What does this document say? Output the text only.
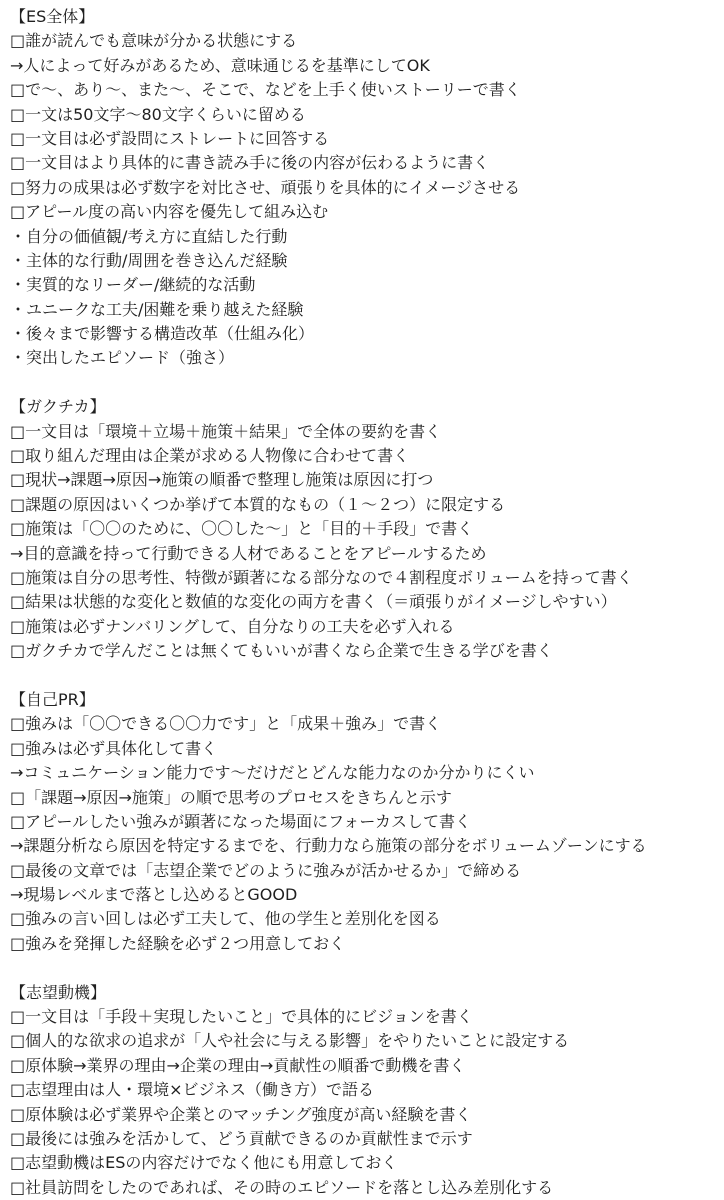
【ES全体】
□誰が読んでも意味が分かる状態にする
→人によって好みがあるため、意味通じるを基準にしてOK
□で〜、あり〜、また〜、そこで、などを上手く使いストーリーで書く
□一文は50文字〜80文字くらいに留める
□一文目は必ず設問にストレートに回答する
□一文目はより具体的に書き読み手に後の内容が伝わるように書く
□努力の成果は必ず数字を対比させ、頑張りを具体的にイメージさせる
□アピール度の高い内容を優先して組み込む
・自分の価値観/考え方に直結した行動
・主体的な行動/周囲を巻き込んだ経験
・実質的なリーダー/継続的な活動
・ユニークな工夫/困難を乗り越えた経験
・後々まで影響する構造改革（仕組み化）
・突出したエピソード（強さ）
【ガクチカ】
□一文目は「環境＋立場＋施策＋結果」で全体の要約を書く
□取り組んだ理由は企業が求める人物像に合わせて書く
□現状→課題→原因→施策の順番で整理し施策は原因に打つ
□課題の原因はいくつか挙げて本質的なもの（１〜２つ）に限定する
□施策は「〇〇のために、〇〇した〜」と「目的＋手段」で書く
→目的意識を持って行動できる人材であることをアピールするため
□施策は自分の思考性、特徴が顕著になる部分なので４割程度ボリュームを持って書く
□結果は状態的な変化と数値的な変化の両方を書く（＝頑張りがイメージしやすい）
□施策は必ずナンバリングして、自分なりの工夫を必ず入れる
□ガクチカで学んだことは無くてもいいが書くなら企業で生きる学びを書く
【自己PR】
□強みは「〇〇できる〇〇力です」と「成果＋強み」で書く
□強みは必ず具体化して書く
→コミュニケーション能力です〜だけだとどんな能力なのか分かりにくい
□「課題→原因→施策」の順で思考のプロセスをきちんと示す
□アピールしたい強みが顕著になった場面にフォーカスして書く
→課題分析なら原因を特定するまでを、行動力なら施策の部分をボリュームゾーンにする
□最後の文章では「志望企業でどのように強みが活かせるか」で締める
→現場レベルまで落とし込めるとGOOD
□強みの言い回しは必ず工夫して、他の学生と差別化を図る
□強みを発揮した経験を必ず２つ用意しておく
【志望動機】
□一文目は「手段＋実現したいこと」で具体的にビジョンを書く
□個人的な欲求の追求が「人や社会に与える影響」をやりたいことに設定する
□原体験→業界の理由→企業の理由→貢献性の順番で動機を書く
□志望理由は人・環境×ビジネス（働き方）で語る
□原体験は必ず業界や企業とのマッチング強度が高い経験を書く
□最後には強みを活かして、どう貢献できるのか貢献性まで示す
□志望動機はESの内容だけでなく他にも用意しておく
□社員訪問をしたのであれば、その時のエピソードを落とし込み差別化する
